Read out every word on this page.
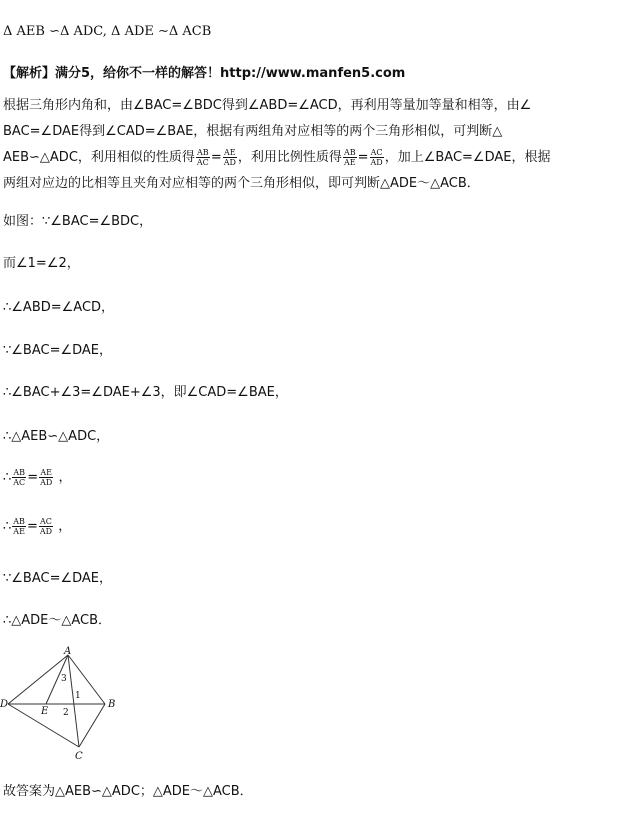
Δ AEB ∽Δ ADC, Δ ADE ∼Δ ACB
【解析】满分5，给你不一样的解答！http://www.manfen5.com
根据三角形内角和，由∠BAC=∠BDC得到∠ABD=∠ACD，再利用等量加等量和相等，由∠
BAC=∠DAE得到∠CAD=∠BAE，根据有两组角对应相等的两个三角形相似，可判断△
AEB∽△ADC，利用相似的性质得 $\frac{AB}{AC} = \frac{AE}{AD}$ ，利用比例性质得 $\frac{AB}{AE} = \frac{AC}{AD}$ ，加上∠BAC=∠DAE，根据
两组对应边的比相等且夹角对应相等的两个三角形相似，即可判断△ADE～△ACB．
如图：∵∠BAC=∠BDC，
而∠1=∠2，
∴∠ABD=∠ACD，
∵∠BAC=∠DAE，
∴∠BAC+∠3=∠DAE+∠3，即∠CAD=∠BAE，
∴△AEB∽△ADC，
∴ $\frac{AB}{AC} = \frac{AE}{AD}$ ，
∴ $\frac{AB}{AE} = \frac{AC}{AD}$ ，
∵∠BAC=∠DAE，
∴△ADE～△ACB．
A
B
C
D
E
1
2
3
故答案为△AEB∽△ADC；△ADE～△ACB．
